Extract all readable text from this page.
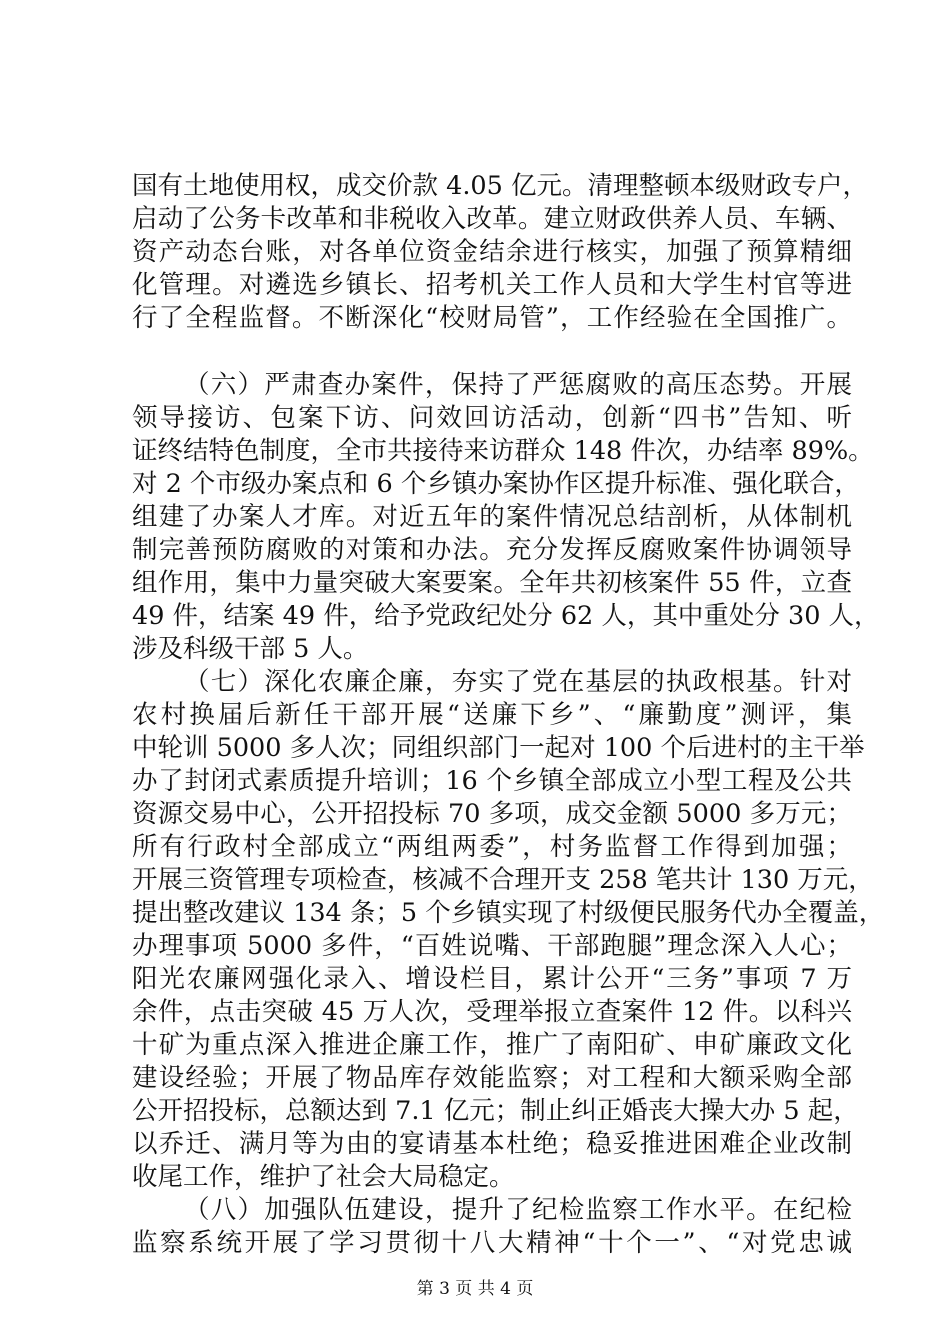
国有土地使用权，成交价款 4.05 亿元。清理整顿本级财政专户，
启动了公务卡改革和非税收入改革。建立财政供养人员、车辆、
资产动态台账，对各单位资金结余进行核实，加强了预算精细
化管理。对遴选乡镇长、招考机关工作人员和大学生村官等进
行了全程监督。不断深化“校财局管”，工作经验在全国推广。
（六）严肃查办案件，保持了严惩腐败的高压态势。开展
领导接访、包案下访、问效回访活动，创新“四书”告知、听
证终结特色制度，全市共接待来访群众 148 件次，办结率 89%。
对 2 个市级办案点和 6 个乡镇办案协作区提升标准、强化联合，
组建了办案人才库。对近五年的案件情况总结剖析，从体制机
制完善预防腐败的对策和办法。充分发挥反腐败案件协调领导
组作用，集中力量突破大案要案。全年共初核案件 55 件，立查
49 件，结案 49 件，给予党政纪处分 62 人，其中重处分 30 人，
涉及科级干部 5 人。
（七）深化农廉企廉，夯实了党在基层的执政根基。针对
农村换届后新任干部开展“送廉下乡”、“廉勤度”测评，集
中轮训 5000 多人次；同组织部门一起对 100 个后进村的主干举
办了封闭式素质提升培训；16 个乡镇全部成立小型工程及公共
资源交易中心，公开招投标 70 多项，成交金额 5000 多万元；
所有行政村全部成立“两组两委”，村务监督工作得到加强；
开展三资管理专项检查，核减不合理开支 258 笔共计 130 万元，
提出整改建议 134 条；5 个乡镇实现了村级便民服务代办全覆盖，
办理事项 5000 多件，“百姓说嘴、干部跑腿”理念深入人心；
阳光农廉网强化录入、增设栏目，累计公开“三务”事项 7 万
余件，点击突破 45 万人次，受理举报立查案件 12 件。以科兴
十矿为重点深入推进企廉工作，推广了南阳矿、申矿廉政文化
建设经验；开展了物品库存效能监察；对工程和大额采购全部
公开招投标，总额达到 7.1 亿元；制止纠正婚丧大操大办 5 起，
以乔迁、满月等为由的宴请基本杜绝；稳妥推进困难企业改制
收尾工作，维护了社会大局稳定。
（八）加强队伍建设，提升了纪检监察工作水平。在纪检
监察系统开展了学习贯彻十八大精神“十个一”、“对党忠诚
第 3 页 共 4 页
